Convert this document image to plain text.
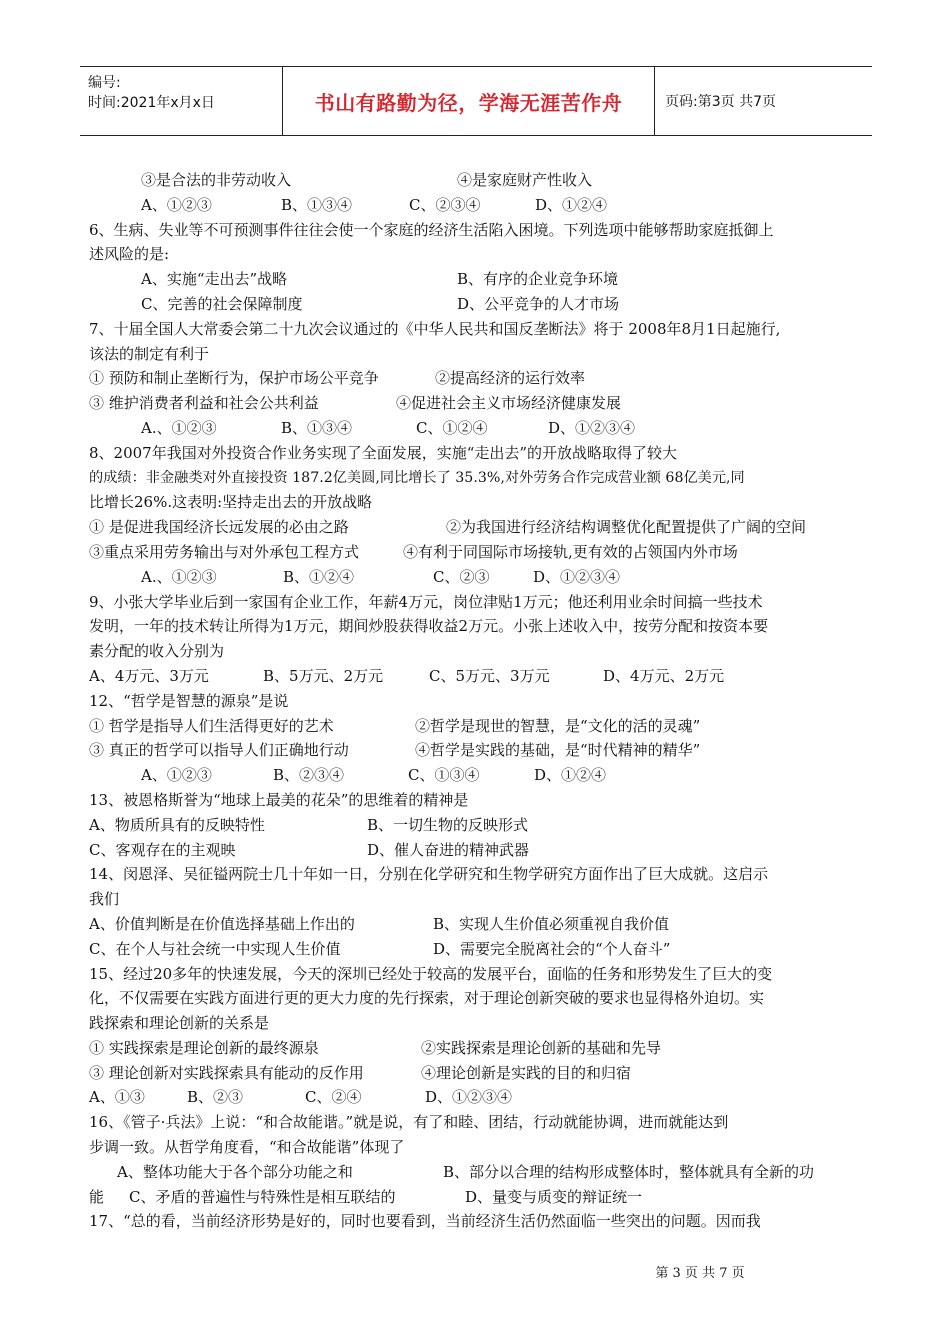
编号:
时间:2021年x月x日	书山有路勤为径，学海无涯苦作舟	页码:第3页 共7页
③是合法的非劳动收入	④是家庭财产性收入
A、①②③	B、①③④	C、②③④	D、①②④
6、生病、失业等不可预测事件往往会使一个家庭的经济生活陷入困境。下列选项中能够帮助家庭抵御上
述风险的是:
A、实施“走出去”战略	B、有序的企业竞争环境
C、完善的社会保障制度	D、公平竞争的人才市场
7、十届全国人大常委会第二十九次会议通过的《中华人民共和国反垄断法》将于 2008年8月1日起施行,
该法的制定有利于
① 预防和制止垄断行为，保护市场公平竞争	②提高经济的运行效率
③ 维护消费者利益和社会公共利益	④促进社会主义市场经济健康发展
A.、①②③	B、①③④	C、①②④	D、①②③④
8、2007年我国对外投资合作业务实现了全面发展，实施“走出去”的开放战略取得了较大
的成绩：非金融类对外直接投资 187.2亿美圆,同比增长了 35.3%,对外劳务合作完成营业额 68亿美元,同
比增长26%.这表明:坚持走出去的开放战略
① 是促进我国经济长远发展的必由之路	②为我国进行经济结构调整优化配置提供了广阔的空间
③重点采用劳务输出与对外承包工程方式	④有利于同国际市场接轨,更有效的占领国内外市场
A.、①②③	B、①②④	C、②③	D、①②③④
9、小张大学毕业后到一家国有企业工作，年薪4万元，岗位津贴1万元；他还利用业余时间搞一些技术
发明，一年的技术转让所得为1万元，期间炒股获得收益2万元。小张上述收入中，按劳分配和按资本要
素分配的收入分别为
A、4万元、3万元	B、5万元、2万元	C、5万元、3万元	D、4万元、2万元
12、“哲学是智慧的源泉”是说
① 哲学是指导人们生活得更好的艺术	②哲学是现世的智慧，是“文化的活的灵魂”
③ 真正的哲学可以指导人们正确地行动	④哲学是实践的基础，是“时代精神的精华”
A、①②③	B、②③④	C、①③④	D、①②④
13、被恩格斯誉为“地球上最美的花朵”的思维着的精神是
A、物质所具有的反映特性	B、一切生物的反映形式
C、客观存在的主观映	D、催人奋进的精神武器
14、闵恩泽、吴征镒两院士几十年如一日，分别在化学研究和生物学研究方面作出了巨大成就。这启示
我们
A、价值判断是在价值选择基础上作出的	B、实现人生价值必须重视自我价值
C、在个人与社会统一中实现人生价值	D、需要完全脱离社会的“个人奋斗”
15、经过20多年的快速发展，今天的深圳已经处于较高的发展平台，面临的任务和形势发生了巨大的变
化，不仅需要在实践方面进行更的更大力度的先行探索，对于理论创新突破的要求也显得格外迫切。实
践探索和理论创新的关系是
① 实践探索是理论创新的最终源泉	②实践探索是理论创新的基础和先导
③ 理论创新对实践探索具有能动的反作用	④理论创新是实践的目的和归宿
A、①③	B、②③	C、②④	D、①②③④
16、《管子·兵法》上说：“和合故能谐。”就是说，有了和睦、团结，行动就能协调，进而就能达到
步调一致。从哲学角度看，“和合故能谐”体现了
A、整体功能大于各个部分功能之和	B、部分以合理的结构形成整体时，整体就具有全新的功
能	C、矛盾的普遍性与特殊性是相互联结的	D、量变与质变的辩证统一
17、“总的看，当前经济形势是好的，同时也要看到，当前经济生活仍然面临一些突出的问题。因而我
第 3 页 共 7 页
